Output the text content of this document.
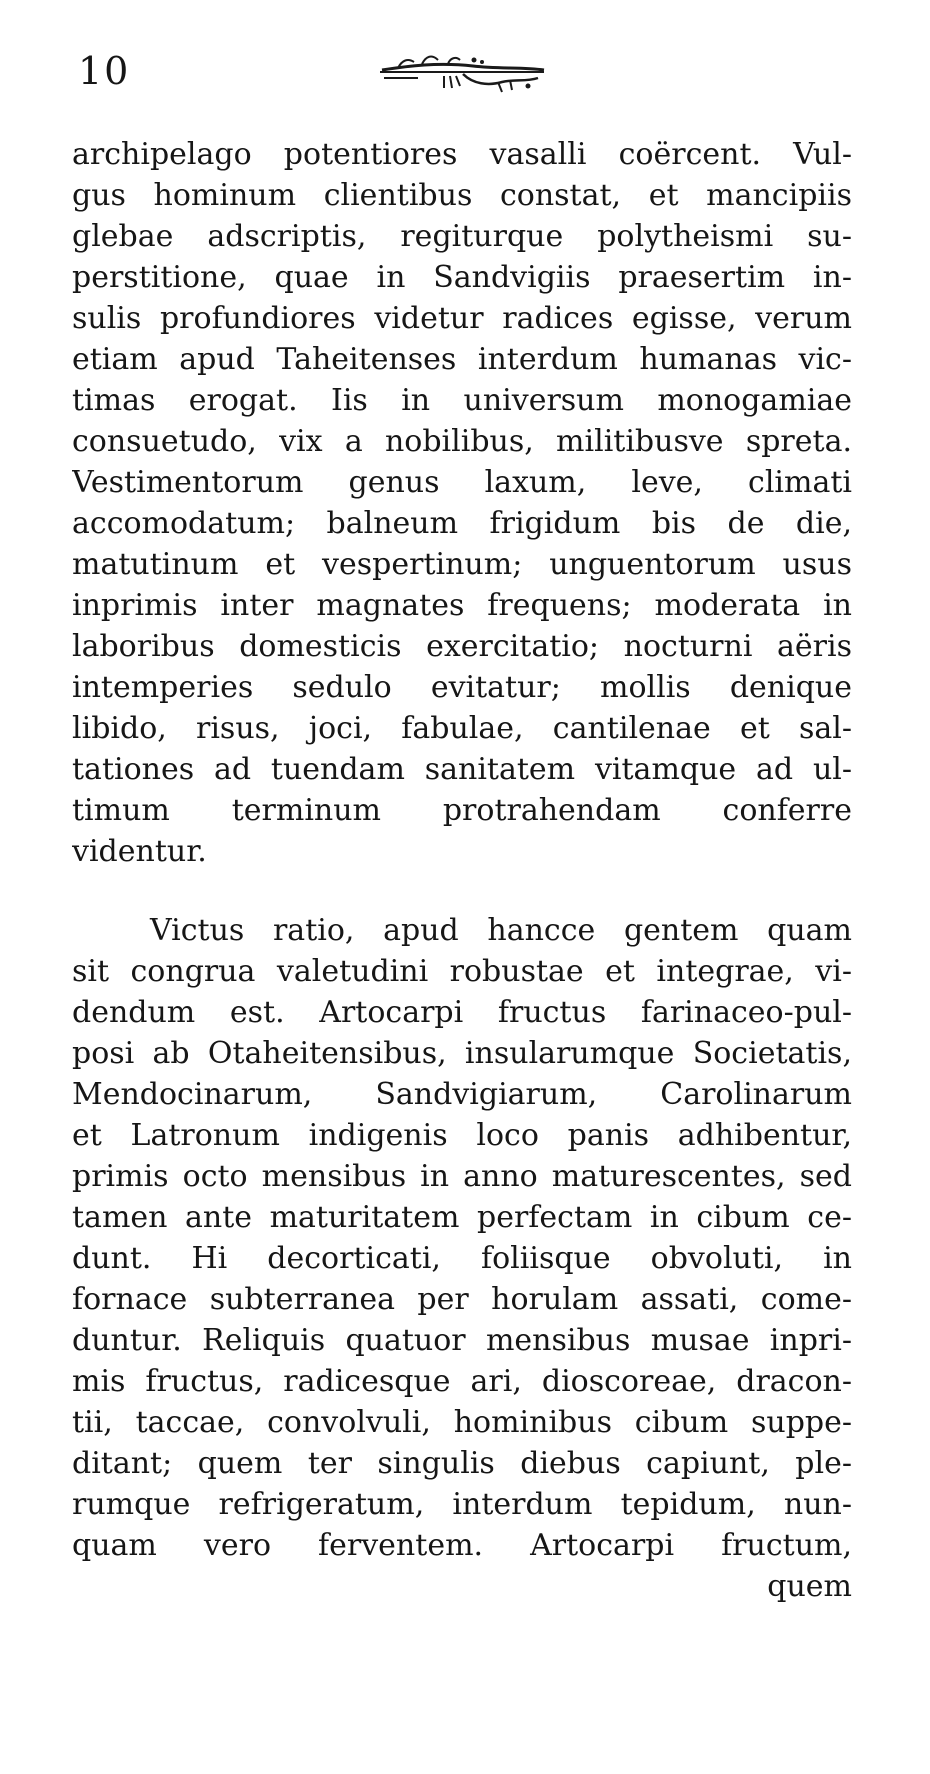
10
archipelago potentiores vasalli coërcent. Vul-
gus hominum clientibus constat, et mancipiis
glebae adscriptis, regiturque polytheismi su-
perstitione, quae in Sandvigiis praesertim in-
sulis profundiores videtur radices egisse, verum
etiam apud Taheitenses interdum humanas vic-
timas erogat. Iis in universum monogamiae
consuetudo, vix a nobilibus, militibusve spreta.
Vestimentorum genus laxum, leve, climati
accomodatum; balneum frigidum bis de die,
matutinum et vespertinum; unguentorum usus
inprimis inter magnates frequens; moderata in
laboribus domesticis exercitatio; nocturni aëris
intemperies sedulo evitatur; mollis denique
libido, risus, joci, fabulae, cantilenae et sal-
tationes ad tuendam sanitatem vitamque ad ul-
timum terminum protrahendam conferre
videntur.
Victus ratio, apud hancce gentem quam
sit congrua valetudini robustae et integrae, vi-
dendum est. Artocarpi fructus farinaceo-pul-
posi ab Otaheitensibus, insularumque Societatis,
Mendocinarum, Sandvigiarum, Carolinarum
et Latronum indigenis loco panis adhibentur,
primis octo mensibus in anno maturescentes, sed
tamen ante maturitatem perfectam in cibum ce-
dunt. Hi decorticati, foliisque obvoluti, in
fornace subterranea per horulam assati, come-
duntur. Reliquis quatuor mensibus musae inpri-
mis fructus, radicesque ari, dioscoreae, dracon-
tii, taccae, convolvuli, hominibus cibum suppe-
ditant; quem ter singulis diebus capiunt, ple-
rumque refrigeratum, interdum tepidum, nun-
quam vero ferventem. Artocarpi fructum,
quem
